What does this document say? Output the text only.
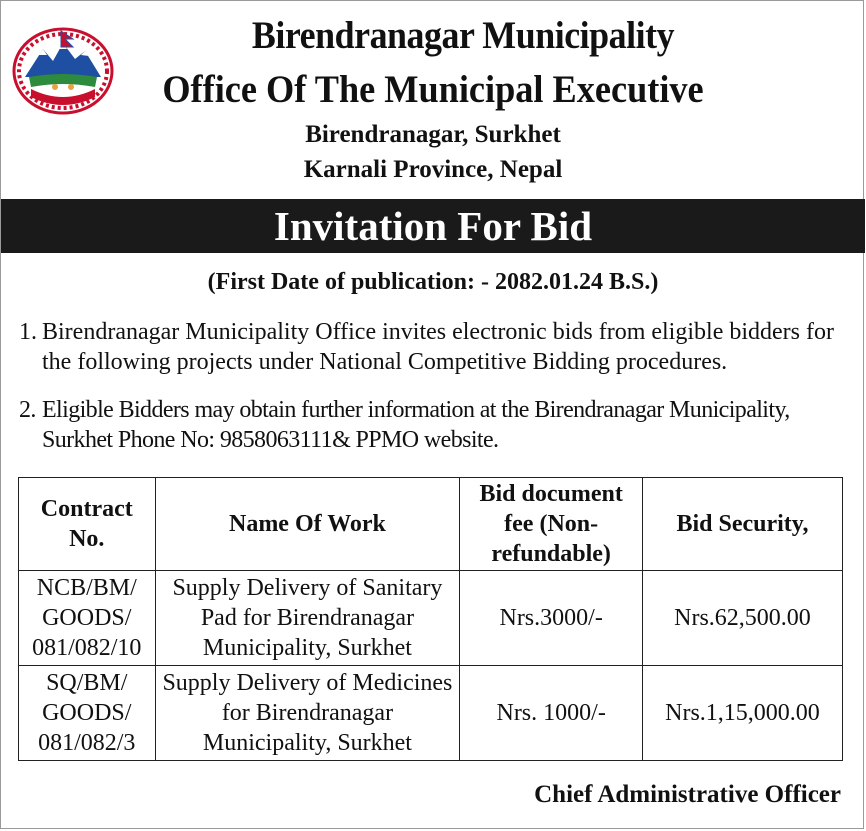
Birendranagar Municipality
Office Of The Municipal Executive
Birendranagar, Surkhet
Karnali Province, Nepal
Invitation For Bid
(First Date of publication: - 2082.01.24 B.S.)
1. Birendranagar Municipality Office invites electronic bids from eligible bidders for the following projects under National Competitive Bidding procedures.
2. Eligible Bidders may obtain further information at the Birendranagar Municipality, Surkhet Phone No: 9858063111& PPMO website.
Contract No.	Name Of Work	Bid document fee (Non-refundable)	Bid Security,
NCB/BM/ GOODS/ 081/082/10	Supply Delivery of Sanitary Pad for Birendranagar Municipality, Surkhet	Nrs.3000/-	Nrs.62,500.00
SQ/BM/ GOODS/ 081/082/3	Supply Delivery of Medicines for Birendranagar Municipality, Surkhet	Nrs. 1000/-	Nrs.1,15,000.00
Chief Administrative Officer
